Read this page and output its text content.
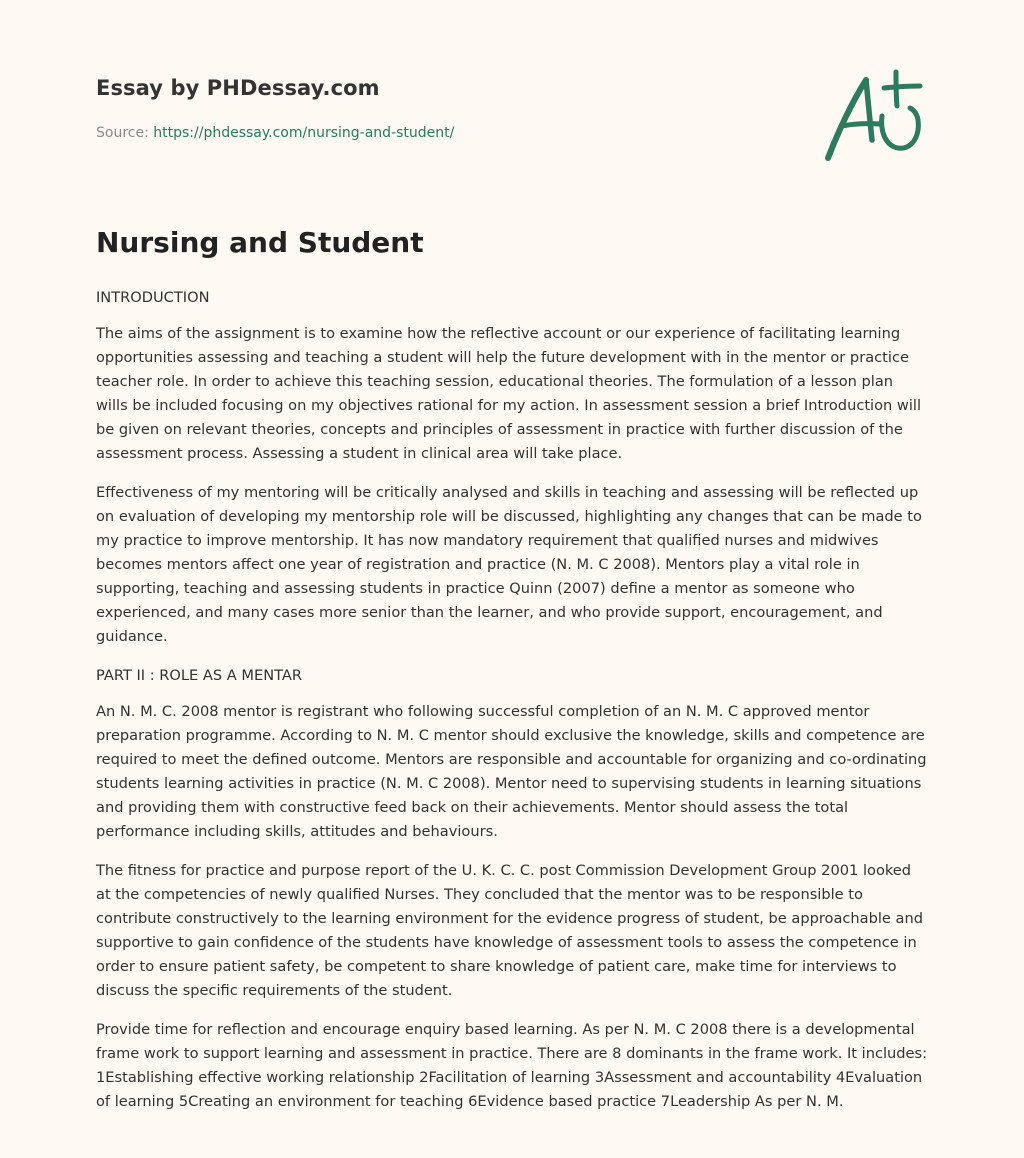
Essay by PHDessay.com
Source: https://phdessay.com/nursing-and-student/
Nursing and Student

INTRODUCTION

The aims of the assignment is to examine how the reflective account or our experience of facilitating learning opportunities assessing and teaching a student will help the future development with in the mentor or practice teacher role. In order to achieve this teaching session, educational theories. The formulation of a lesson plan wills be included focusing on my objectives rational for my action. In assessment session a brief Introduction will be given on relevant theories, concepts and principles of assessment in practice with further discussion of the assessment process. Assessing a student in clinical area will take place.

Effectiveness of my mentoring will be critically analysed and skills in teaching and assessing will be reflected up on evaluation of developing my mentorship role will be discussed, highlighting any changes that can be made to my practice to improve mentorship. It has now mandatory requirement that qualified nurses and midwives becomes mentors affect one year of registration and practice (N. M. C 2008). Mentors play a vital role in supporting, teaching and assessing students in practice Quinn (2007) define a mentor as someone who experienced, and many cases more senior than the learner, and who provide support, encouragement, and guidance.

PART II : ROLE AS A MENTAR

An N. M. C. 2008 mentor is registrant who following successful completion of an N. M. C approved mentor preparation programme. According to N. M. C mentor should exclusive the knowledge, skills and competence are required to meet the defined outcome. Mentors are responsible and accountable for organizing and co-ordinating students learning activities in practice (N. M. C 2008). Mentor need to supervising students in learning situations and providing them with constructive feed back on their achievements. Mentor should assess the total performance including skills, attitudes and behaviours.

The fitness for practice and purpose report of the U. K. C. C. post Commission Development Group 2001 looked at the competencies of newly qualified Nurses. They concluded that the mentor was to be responsible to contribute constructively to the learning environment for the evidence progress of student, be approachable and supportive to gain confidence of the students have knowledge of assessment tools to assess the competence in order to ensure patient safety, be competent to share knowledge of patient care, make time for interviews to discuss the specific requirements of the student.

Provide time for reflection and encourage enquiry based learning. As per N. M. C 2008 there is a developmental frame work to support learning and assessment in practice. There are 8 dominants in the frame work. It includes: 1Establishing effective working relationship 2Facilitation of learning 3Assessment and accountability 4Evaluation of learning 5Creating an environment for teaching 6Evidence based practice 7Leadership As per N. M.
